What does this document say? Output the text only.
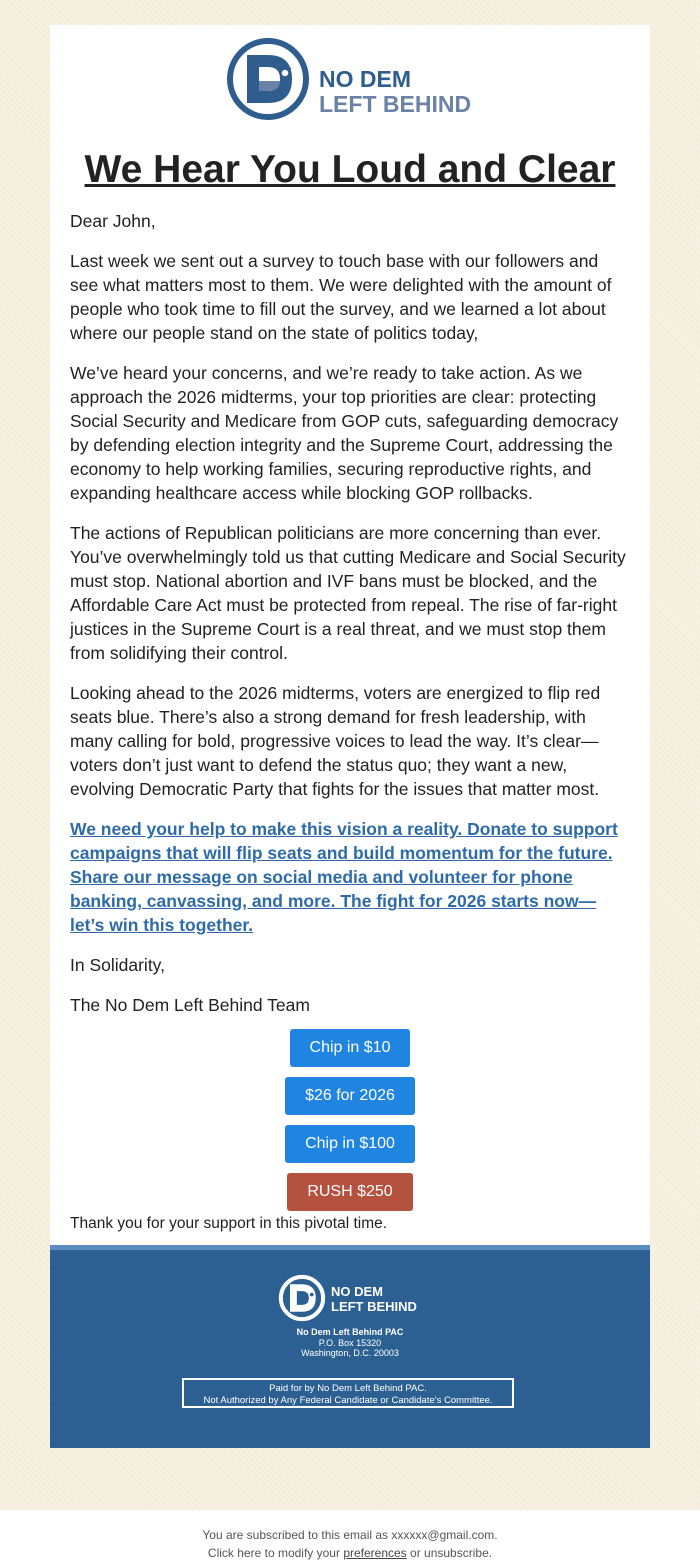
NO DEM
LEFT BEHIND
We Hear You Loud and Clear

Dear John,

Last week we sent out a survey to touch base with our followers and see what matters most to them. We were delighted with the amount of people who took time to fill out the survey, and we learned a lot about where our people stand on the state of politics today,

We’ve heard your concerns, and we’re ready to take action. As we approach the 2026 midterms, your top priorities are clear: protecting Social Security and Medicare from GOP cuts, safeguarding democracy by defending election integrity and the Supreme Court, addressing the economy to help working families, securing reproductive rights, and expanding healthcare access while blocking GOP rollbacks.

The actions of Republican politicians are more concerning than ever. You’ve overwhelmingly told us that cutting Medicare and Social Security must stop. National abortion and IVF bans must be blocked, and the Affordable Care Act must be protected from repeal. The rise of far-right justices in the Supreme Court is a real threat, and we must stop them from solidifying their control.

Looking ahead to the 2026 midterms, voters are energized to flip red seats blue. There’s also a strong demand for fresh leadership, with many calling for bold, progressive voices to lead the way. It’s clear—voters don’t just want to defend the status quo; they want a new, evolving Democratic Party that fights for the issues that matter most.

We need your help to make this vision a reality. Donate to support campaigns that will flip seats and build momentum for the future. Share our message on social media and volunteer for phone banking, canvassing, and more. The fight for 2026 starts now—let’s win this together.

In Solidarity,

The No Dem Left Behind Team

Chip in $10
$26 for 2026
Chip in $100
RUSH $250
Thank you for your support in this pivotal time.
NO DEM
LEFT BEHIND
No Dem Left Behind PAC
P.O. Box 15320
Washington, D.C. 20003
Paid for by No Dem Left Behind PAC.
Not Authorized by Any Federal Candidate or Candidate's Committee.
You are subscribed to this email as xxxxxx@gmail.com.
Click here to modify your preferences or unsubscribe.
